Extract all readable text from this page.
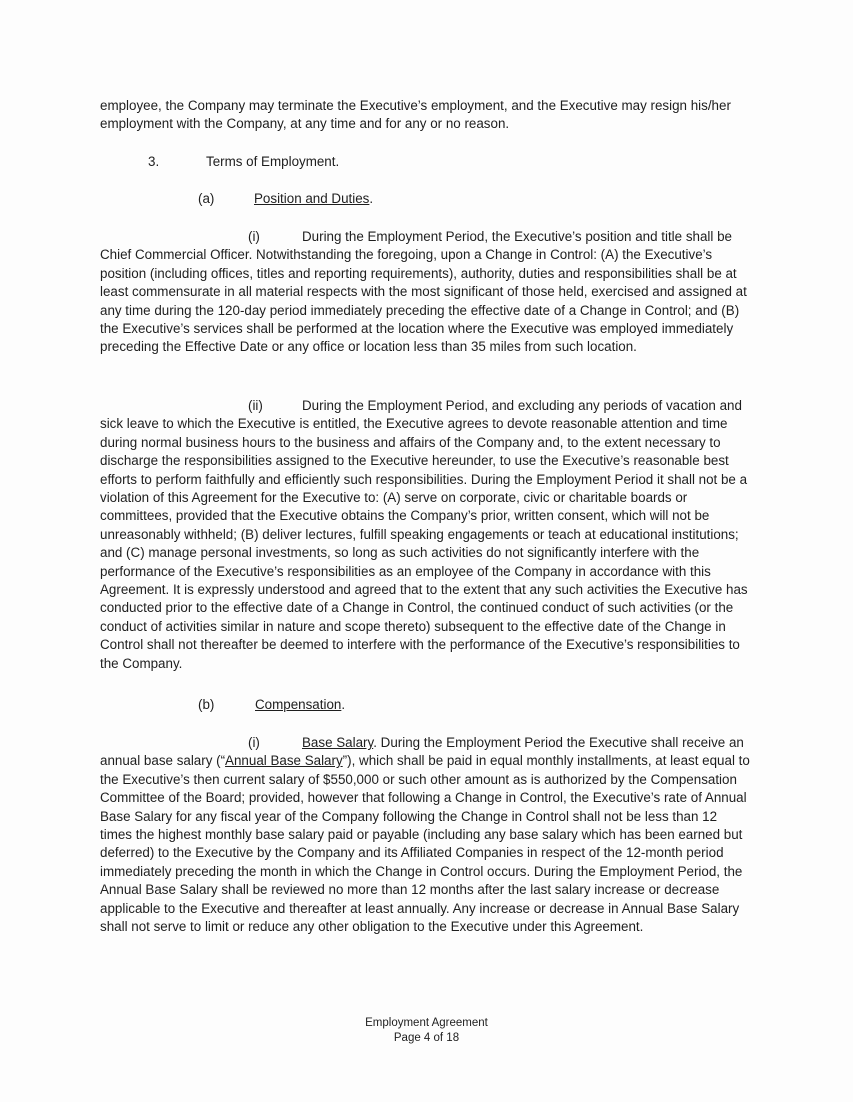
employee, the Company may terminate the Executive’s employment, and the Executive may resign his/her employment with the Company, at any time and for any or no reason.

3.	Terms of Employment.

(a)	Position and Duties.

(i)	During the Employment Period, the Executive’s position and title shall be Chief Commercial Officer. Notwithstanding the foregoing, upon a Change in Control: (A) the Executive’s position (including offices, titles and reporting requirements), authority, duties and responsibilities shall be at least commensurate in all material respects with the most significant of those held, exercised and assigned at any time during the 120-day period immediately preceding the effective date of a Change in Control; and (B) the Executive’s services shall be performed at the location where the Executive was employed immediately preceding the Effective Date or any office or location less than 35 miles from such location.

(ii)	During the Employment Period, and excluding any periods of vacation and sick leave to which the Executive is entitled, the Executive agrees to devote reasonable attention and time during normal business hours to the business and affairs of the Company and, to the extent necessary to discharge the responsibilities assigned to the Executive hereunder, to use the Executive’s reasonable best efforts to perform faithfully and efficiently such responsibilities. During the Employment Period it shall not be a violation of this Agreement for the Executive to: (A) serve on corporate, civic or charitable boards or committees, provided that the Executive obtains the Company’s prior, written consent, which will not be unreasonably withheld; (B) deliver lectures, fulfill speaking engagements or teach at educational institutions; and (C) manage personal investments, so long as such activities do not significantly interfere with the performance of the Executive’s responsibilities as an employee of the Company in accordance with this Agreement. It is expressly understood and agreed that to the extent that any such activities the Executive has conducted prior to the effective date of a Change in Control, the continued conduct of such activities (or the conduct of activities similar in nature and scope thereto) subsequent to the effective date of the Change in Control shall not thereafter be deemed to interfere with the performance of the Executive’s responsibilities to the Company.

(b)	Compensation.

(i)	Base Salary. During the Employment Period the Executive shall receive an annual base salary (“Annual Base Salary”), which shall be paid in equal monthly installments, at least equal to the Executive’s then current salary of $550,000 or such other amount as is authorized by the Compensation Committee of the Board; provided, however that following a Change in Control, the Executive’s rate of Annual Base Salary for any fiscal year of the Company following the Change in Control shall not be less than 12 times the highest monthly base salary paid or payable (including any base salary which has been earned but deferred) to the Executive by the Company and its Affiliated Companies in respect of the 12-month period immediately preceding the month in which the Change in Control occurs. During the Employment Period, the Annual Base Salary shall be reviewed no more than 12 months after the last salary increase or decrease applicable to the Executive and thereafter at least annually. Any increase or decrease in Annual Base Salary shall not serve to limit or reduce any other obligation to the Executive under this Agreement.

Employment Agreement
Page 4 of 18
